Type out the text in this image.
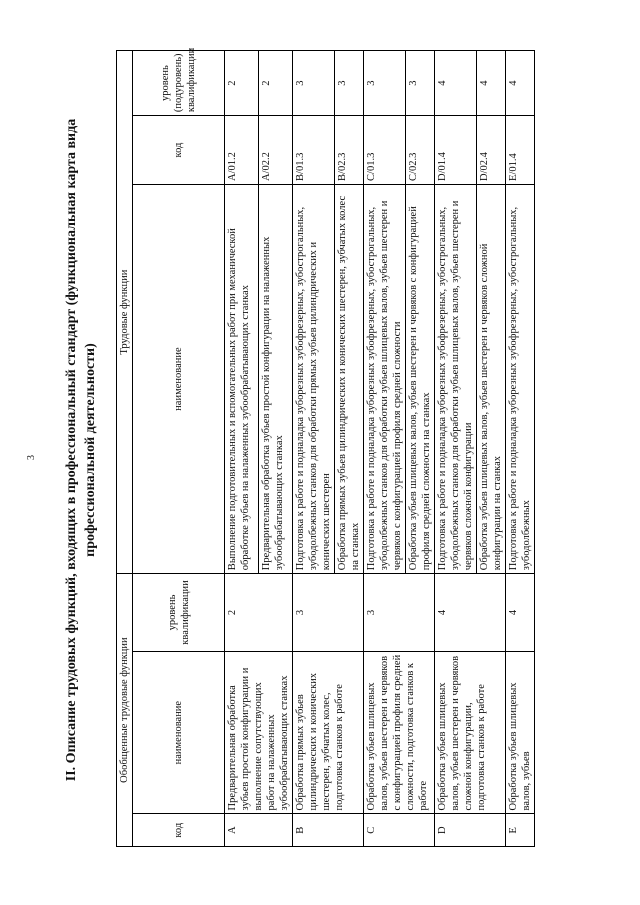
3 II. Описание трудовых функций, входящих в профессиональный стандарт (функциональная карта вида профессиональной деятельности)
Обобщенные трудовые функции			Трудовые функции		
код	наименование	уровень квалификации	наименование	код	уровень (подуровень) квалификации
A	Предварительная обработка зубьев простой конфигурации и выполнение сопутствующих работ на налаженных зубообрабатывающих станках	2	Выполнение подготовительных и вспомогательных работ при механической обработке зубьев на налаженных зубообрабатывающих станках	A/01.2	2
			Предварительная обработка зубьев простой конфигурации на налаженных зубообрабатывающих станках	A/02.2	2
B	Обработка прямых зубьев цилиндрических и конических шестерен, зубчатых колес, подготовка станков к работе	3	Подготовка к работе и подналадка зуборезных зубофрезерных, зубострогальных, зубодолбежных станков для обработки прямых зубьев цилиндрических и конических шестерен	B/01.3	3
			Обработка прямых зубьев цилиндрических и конических шестерен, зубчатых колес на станках	B/02.3	3
C	Обработка зубьев шлицевых валов, зубьев шестерен и червяков с конфигурацией профиля средней сложности, подготовка станков к работе	3	Подготовка к работе и подналадка зуборезных зубофрезерных, зубострогальных, зубодолбежных станков для обработки зубьев шлицевых валов, зубьев шестерен и червяков с конфигурацией профиля средней сложности	C/01.3	3
			Обработка зубьев шлицевых валов, зубьев шестерен и червяков с конфигурацией профиля средней сложности на станках	C/02.3	3
D	Обработка зубьев шлицевых валов, зубьев шестерен и червяков сложной конфигурации, подготовка станков к работе	4	Подготовка к работе и подналадка зуборезных зубофрезерных, зубострогальных, зубодолбежных станков для обработки зубьев шлицевых валов, зубьев шестерен и червяков сложной конфигурации	D/01.4	4
			Обработка зубьев шлицевых валов, зубьев шестерен и червяков сложной конфигурации на станках	D/02.4	4
E	Обработка зубьев шлицевых валов, зубьев	4	Подготовка к работе и подналадка зуборезных зубофрезерных, зубострогальных, зубодолбежных	E/01.4	4
